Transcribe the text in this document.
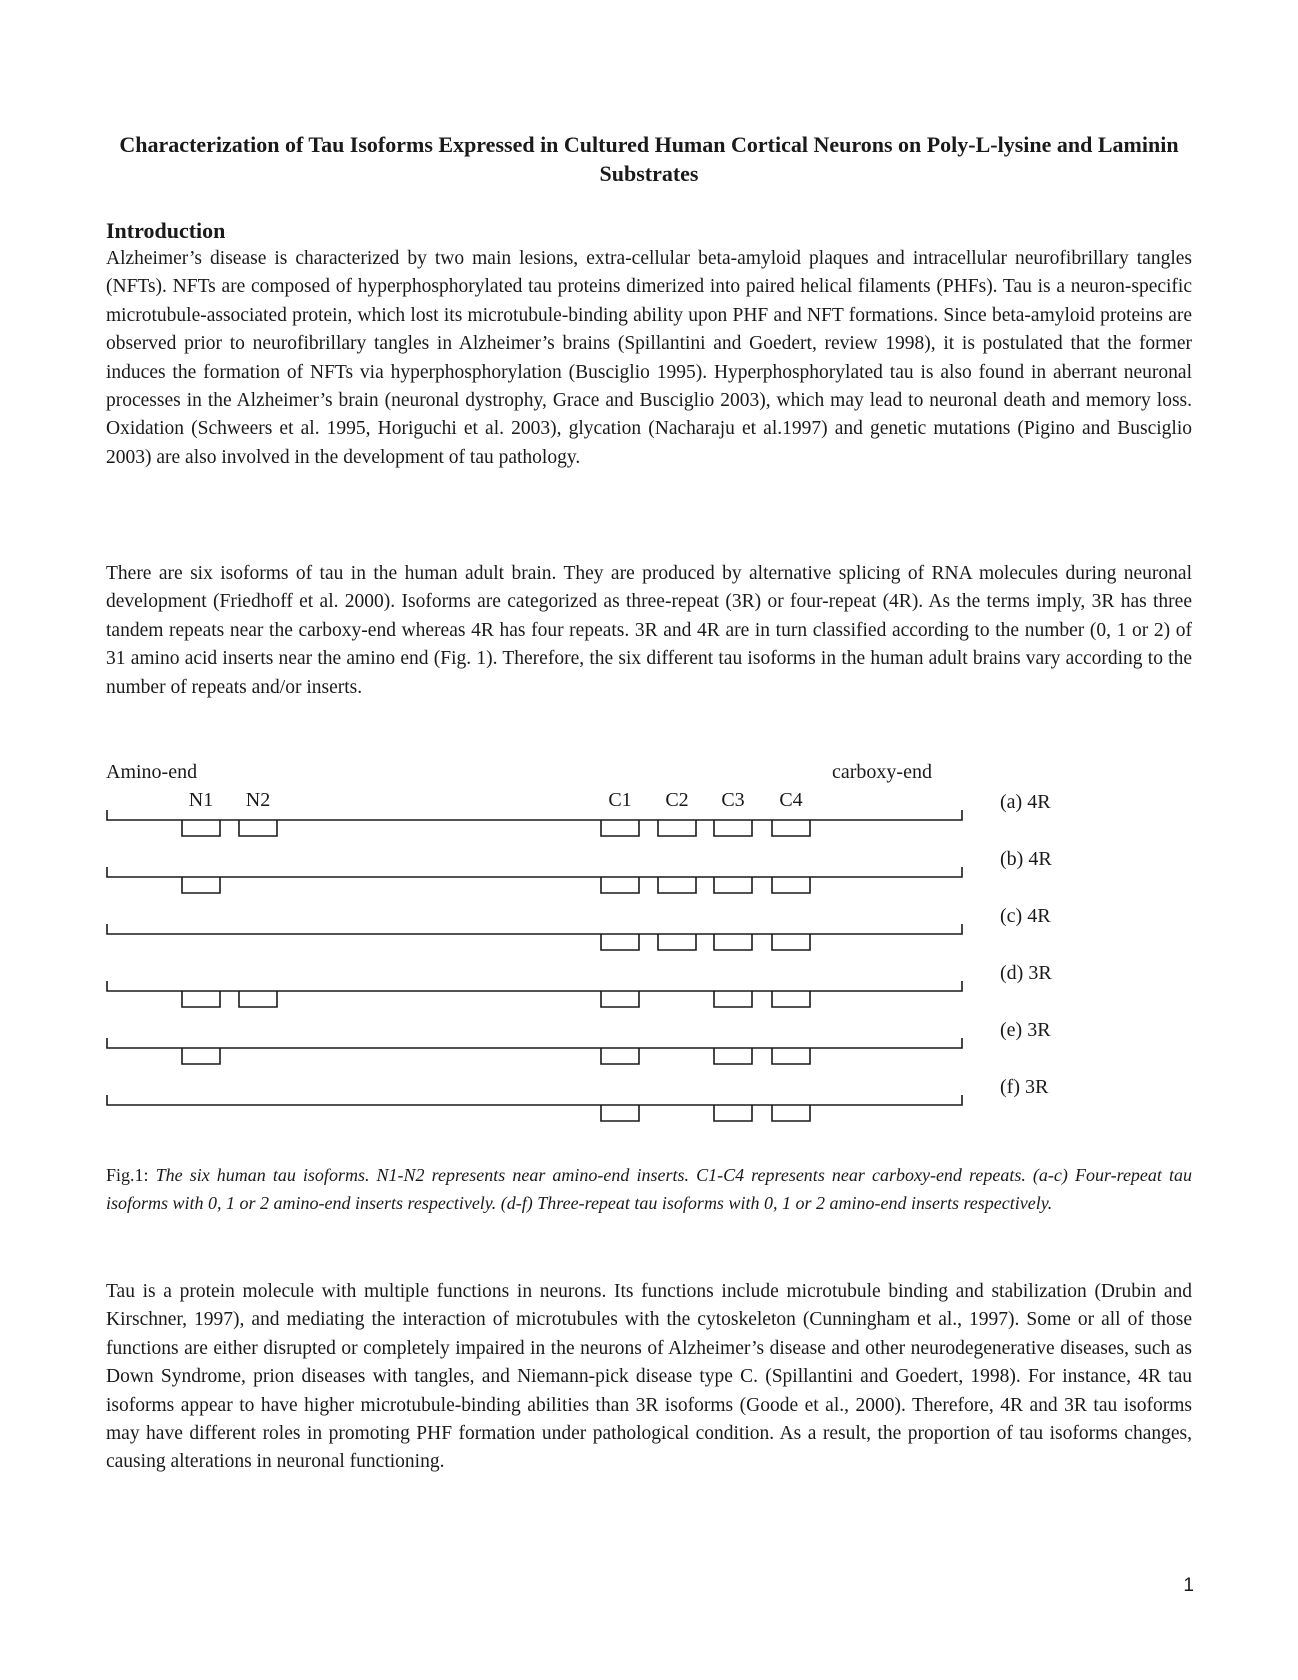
Characterization of Tau Isoforms Expressed in Cultured Human Cortical Neurons on Poly-L-lysine and Laminin Substrates
Introduction

Alzheimer’s disease is characterized by two main lesions, extra-cellular beta-amyloid plaques and intracellular neurofibrillary tangles (NFTs). NFTs are composed of hyperphosphorylated tau proteins dimerized into paired helical filaments (PHFs). Tau is a neuron-specific microtubule-associated protein, which lost its microtubule-binding ability upon PHF and NFT formations. Since beta-amyloid proteins are observed prior to neurofibrillary tangles in Alzheimer’s brains (Spillantini and Goedert, review 1998), it is postulated that the former induces the formation of NFTs via hyperphosphorylation (Busciglio 1995). Hyperphosphorylated tau is also found in aberrant neuronal processes in the Alzheimer’s brain (neuronal dystrophy, Grace and Busciglio 2003), which may lead to neuronal death and memory loss. Oxidation (Schweers et al. 1995, Horiguchi et al. 2003), glycation (Nacharaju et al.1997) and genetic mutations (Pigino and Busciglio 2003) are also involved in the development of tau pathology.

There are six isoforms of tau in the human adult brain. They are produced by alternative splicing of RNA molecules during neuronal development (Friedhoff et al. 2000). Isoforms are categorized as three-repeat (3R) or four-repeat (4R). As the terms imply, 3R has three tandem repeats near the carboxy-end whereas 4R has four repeats. 3R and 4R are in turn classified according to the number (0, 1 or 2) of 31 amino acid inserts near the amino end (Fig. 1). Therefore, the six different tau isoforms in the human adult brains vary according to the number of repeats and/or inserts.

Amino-end	carboxy-end
N1 N2	C1 C2 C3 C4	(a) 4R
(b) 4R
(c) 4R
(d) 3R
(e) 3R
(f) 3R

Fig.1: The six human tau isoforms. N1-N2 represents near amino-end inserts. C1-C4 represents near carboxy-end repeats. (a-c) Four-repeat tau isoforms with 0, 1 or 2 amino-end inserts respectively. (d-f) Three-repeat tau isoforms with 0, 1 or 2 amino-end inserts respectively.

Tau is a protein molecule with multiple functions in neurons. Its functions include microtubule binding and stabilization (Drubin and Kirschner, 1997), and mediating the interaction of microtubules with the cytoskeleton (Cunningham et al., 1997). Some or all of those functions are either disrupted or completely impaired in the neurons of Alzheimer’s disease and other neurodegenerative diseases, such as Down Syndrome, prion diseases with tangles, and Niemann-pick disease type C. (Spillantini and Goedert, 1998). For instance, 4R tau isoforms appear to have higher microtubule-binding abilities than 3R isoforms (Goode et al., 2000). Therefore, 4R and 3R tau isoforms may have different roles in promoting PHF formation under pathological condition. As a result, the proportion of tau isoforms changes, causing alterations in neuronal functioning.

1
